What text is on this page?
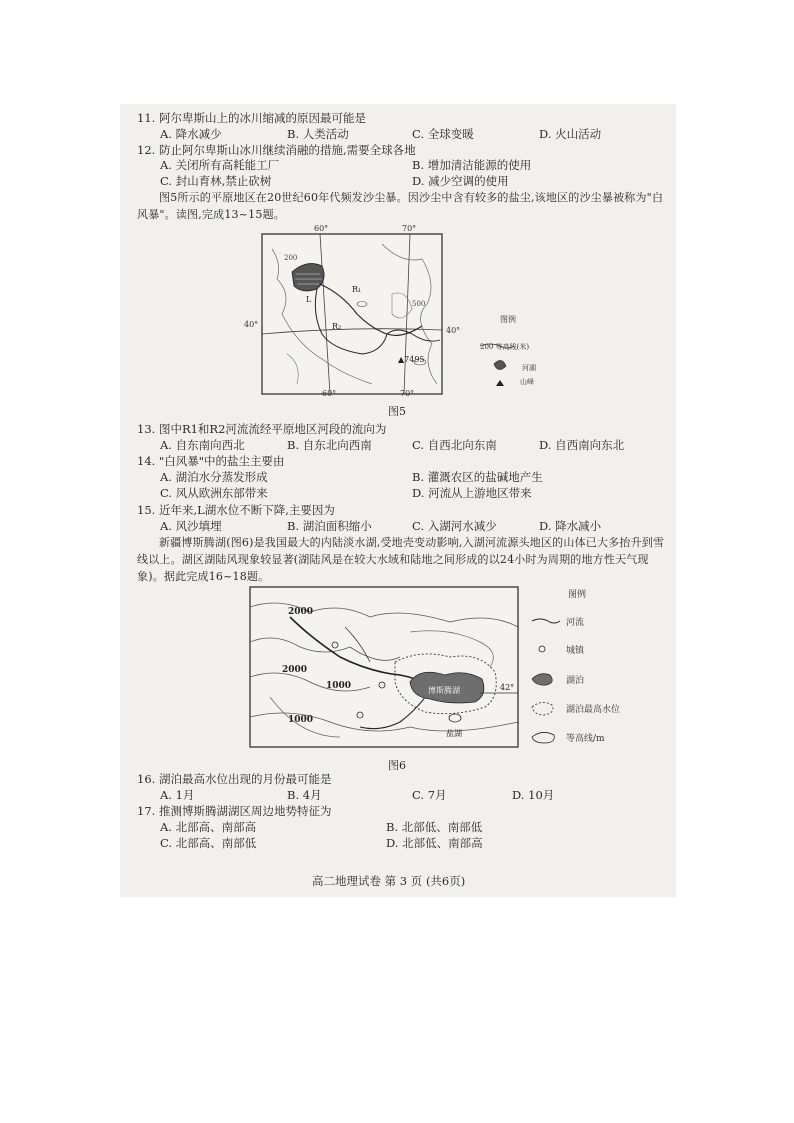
11. 阿尔卑斯山上的冰川缩减的原因最可能是
A. 降水减少	B. 人类活动	C. 全球变暖	D. 火山活动
12. 防止阿尔卑斯山冰川继续消融的措施,需要全球各地
A. 关闭所有高耗能工厂	B. 增加清洁能源的使用
C. 封山育林,禁止砍树	D. 减少空调的使用
图5所示的平原地区在20世纪60年代频发沙尘暴。因沙尘中含有较多的盐尘,该地区的沙尘暴被称为"白风暴"。读图,完成13~15题。
60°	70°
60°	70°
40°
40°
200
500
R₁
R₂
L
▲7495
图例
200 等高线(米)
河湖
山峰
图5
13. 图中R1和R2河流流经平原地区河段的流向为
A. 自东南向西北	B. 自东北向西南	C. 自西北向东南	D. 自西南向东北
14. "白风暴"中的盐尘主要由
A. 湖泊水分蒸发形成	B. 灌溉农区的盐碱地产生
C. 风从欧洲东部带来	D. 河流从上游地区带来
15. 近年来,L湖水位不断下降,主要因为
A. 风沙填埋	B. 湖泊面积缩小	C. 入湖河水减少	D. 降水减小
新疆博斯腾湖(图6)是我国最大的内陆淡水湖,受地壳变动影响,入湖河流源头地区的山体已大多抬升到雪线以上。湖区湖陆风现象较显著(湖陆风是在较大水域和陆地之间形成的以24小时为周期的地方性天气现象)。据此完成16~18题。
2000
2000
1000
1000
博斯腾湖
盐湖
42°
图例
河流
城镇
湖泊
湖泊最高水位
等高线/m
图6
16. 湖泊最高水位出现的月份最可能是
A. 1月	B. 4月	C. 7月	D. 10月
17. 推测博斯腾湖湖区周边地势特征为
A. 北部高、南部高	B. 北部低、南部低
C. 北部高、南部低	D. 北部低、南部高
高二地理试卷 第 3 页 (共6页)
